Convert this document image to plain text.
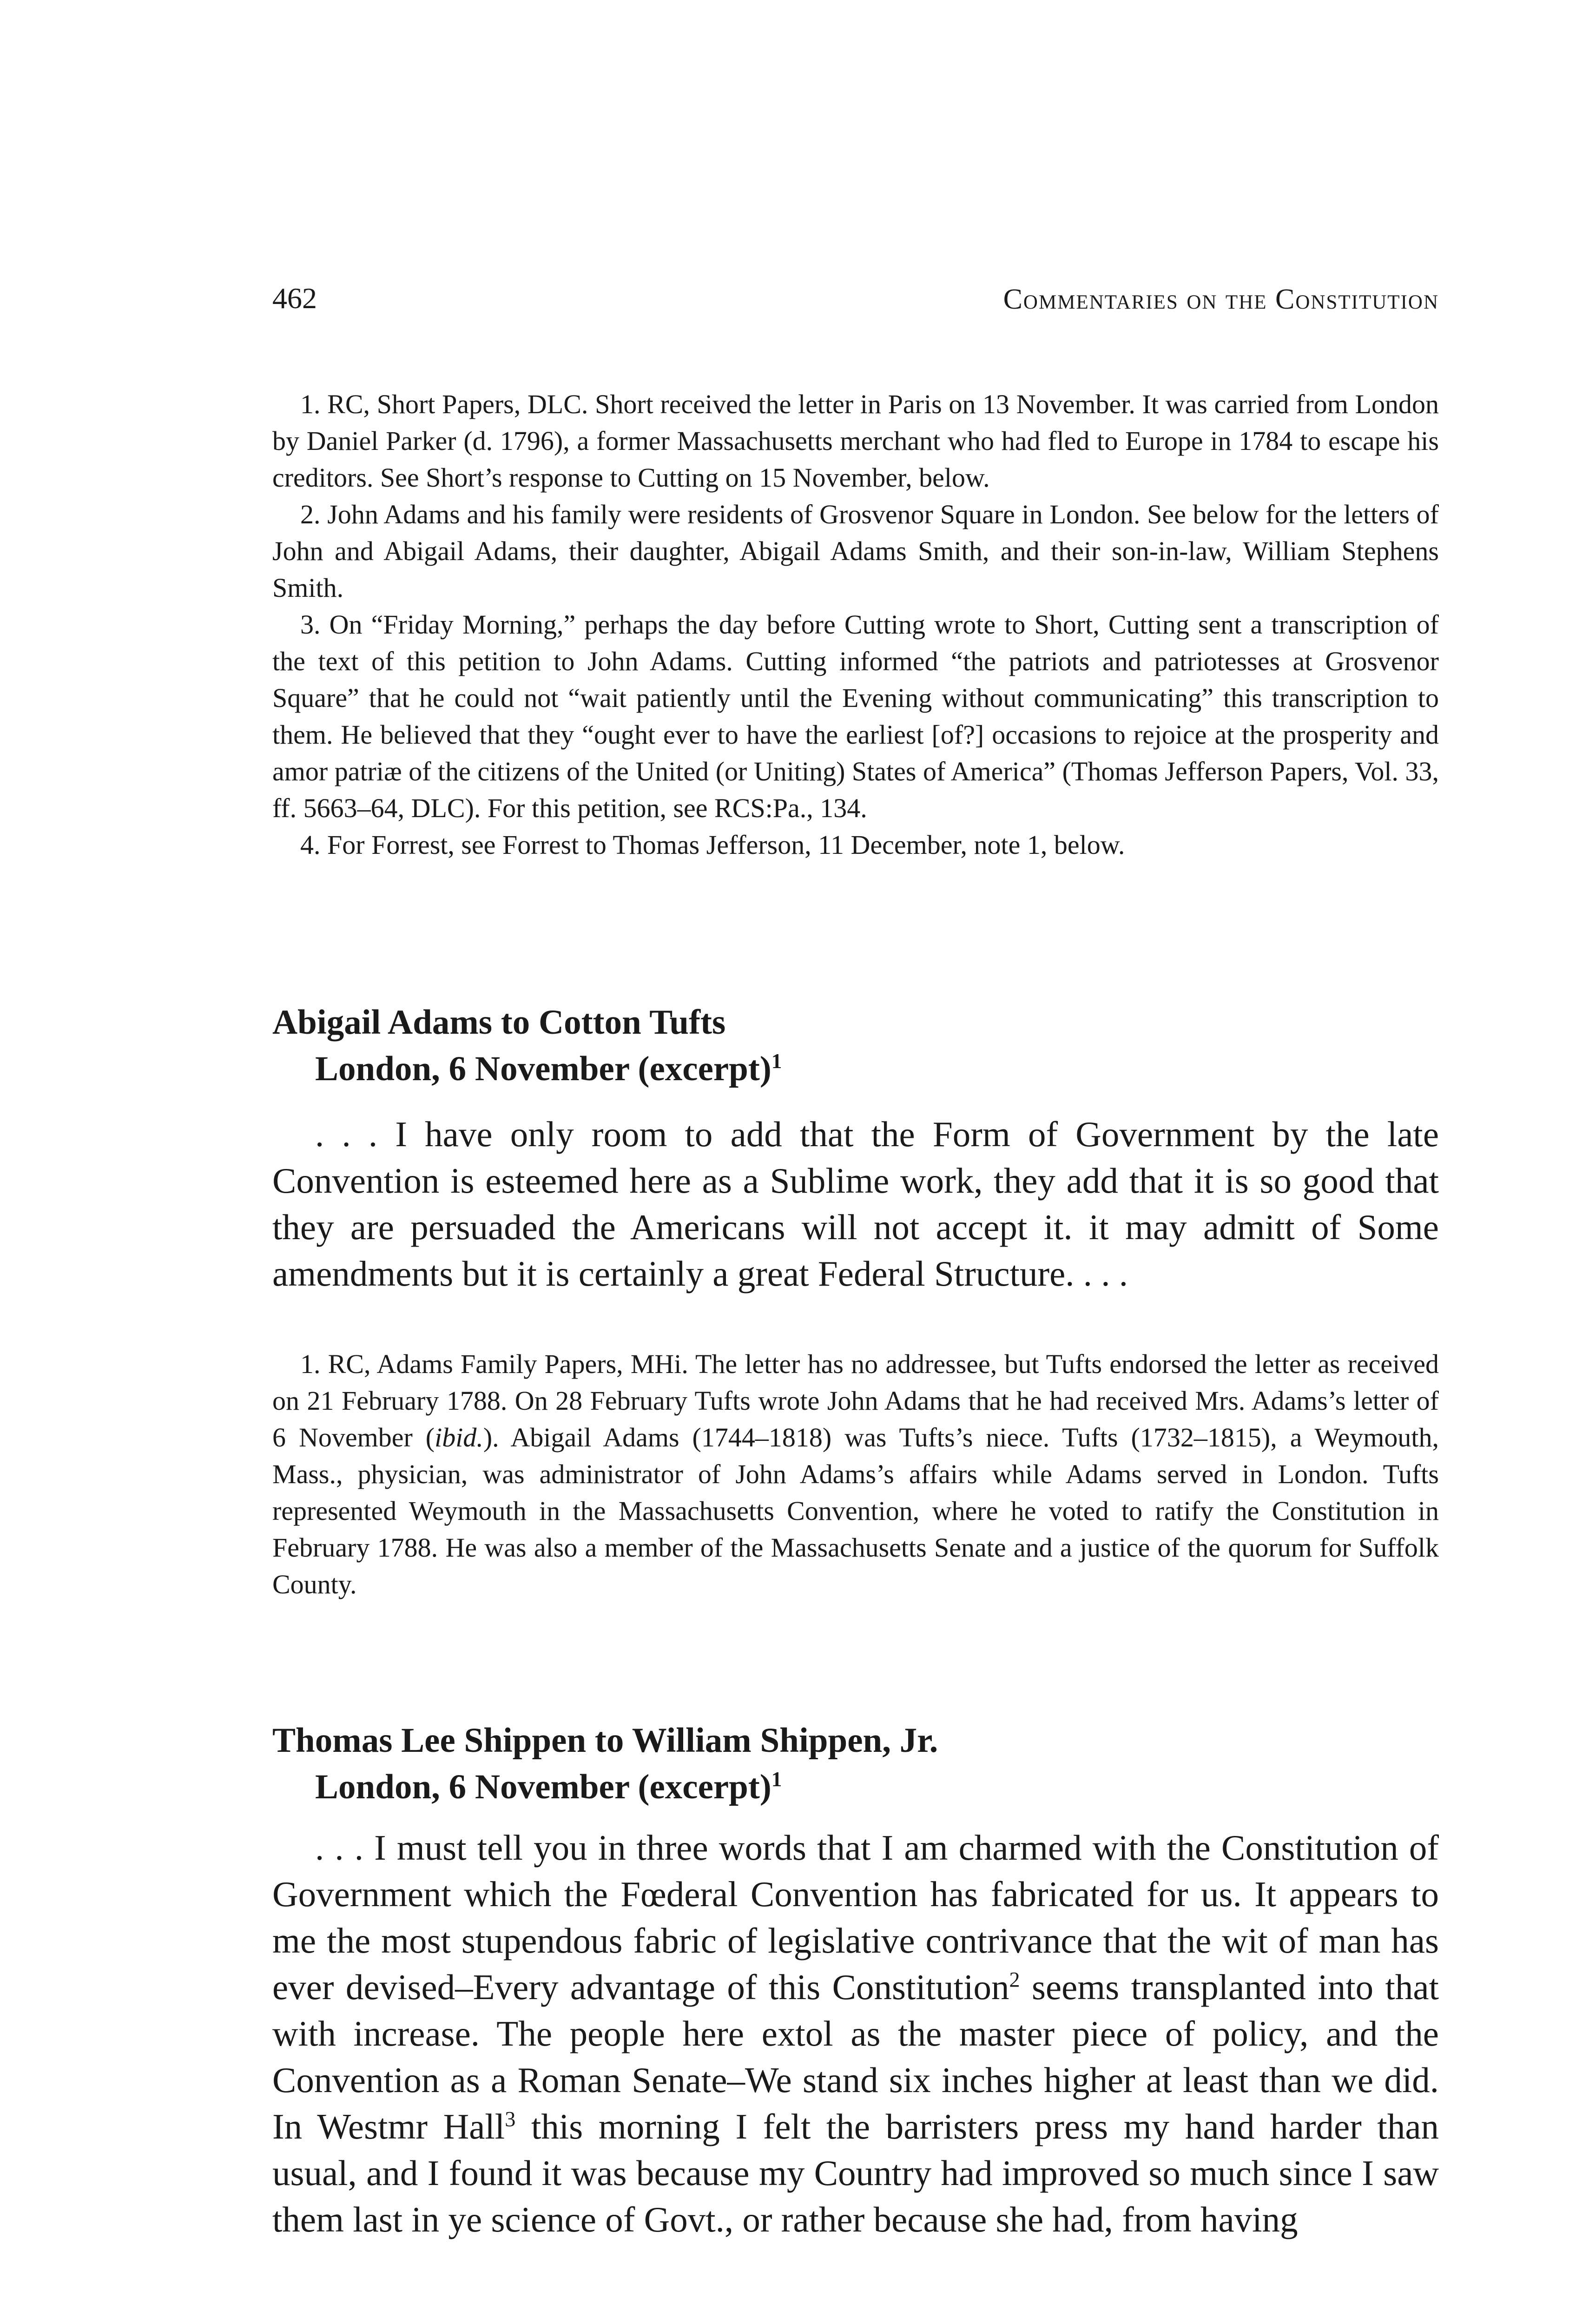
462	Commentaries on the Constitution

1. RC, Short Papers, DLC. Short received the letter in Paris on 13 November. It was carried from London by Daniel Parker (d. 1796), a former Massachusetts merchant who had fled to Europe in 1784 to escape his creditors. See Short’s response to Cutting on 15 November, below.

2. John Adams and his family were residents of Grosvenor Square in London. See below for the letters of John and Abigail Adams, their daughter, Abigail Adams Smith, and their son-in-law, William Stephens Smith.

3. On “Friday Morning,” perhaps the day before Cutting wrote to Short, Cutting sent a transcription of the text of this petition to John Adams. Cutting informed “the patriots and patriotesses at Grosvenor Square” that he could not “wait patiently until the Evening without communicating” this transcription to them. He believed that they “ought ever to have the earliest [of?] occasions to rejoice at the prosperity and amor patriæ of the citizens of the United (or Uniting) States of America” (Thomas Jefferson Papers, Vol. 33, ff. 5663–64, DLC). For this petition, see RCS:Pa., 134.

4. For Forrest, see Forrest to Thomas Jefferson, 11 December, note 1, below.

Abigail Adams to Cotton Tufts
London, 6 November (excerpt)$^1$

. . . I have only room to add that the Form of Government by the late Convention is esteemed here as a Sublime work, they add that it is so good that they are persuaded the Americans will not accept it. it may admitt of Some amendments but it is certainly a great Federal Structure. . . .

1. RC, Adams Family Papers, MHi. The letter has no addressee, but Tufts endorsed the letter as received on 21 February 1788. On 28 February Tufts wrote John Adams that he had received Mrs. Adams’s letter of 6 November (ibid.). Abigail Adams (1744–1818) was Tufts’s niece. Tufts (1732–1815), a Weymouth, Mass., physician, was administrator of John Adams’s affairs while Adams served in London. Tufts represented Weymouth in the Massachusetts Convention, where he voted to ratify the Constitution in February 1788. He was also a member of the Massachusetts Senate and a justice of the quorum for Suffolk County.

Thomas Lee Shippen to William Shippen, Jr.
London, 6 November (excerpt)$^1$

. . . I must tell you in three words that I am charmed with the Constitution of Government which the Fœderal Convention has fabricated for us. It appears to me the most stupendous fabric of legislative contrivance that the wit of man has ever devised–Every advantage of this Constitution$^2$ seems transplanted into that with increase. The people here extol as the master piece of policy, and the Convention as a Roman Senate–We stand six inches higher at least than we did. In Westmr Hall$^3$ this morning I felt the barristers press my hand harder than usual, and I found it was because my Country had improved so much since I saw them last in ye science of Govt., or rather because she had, from having
